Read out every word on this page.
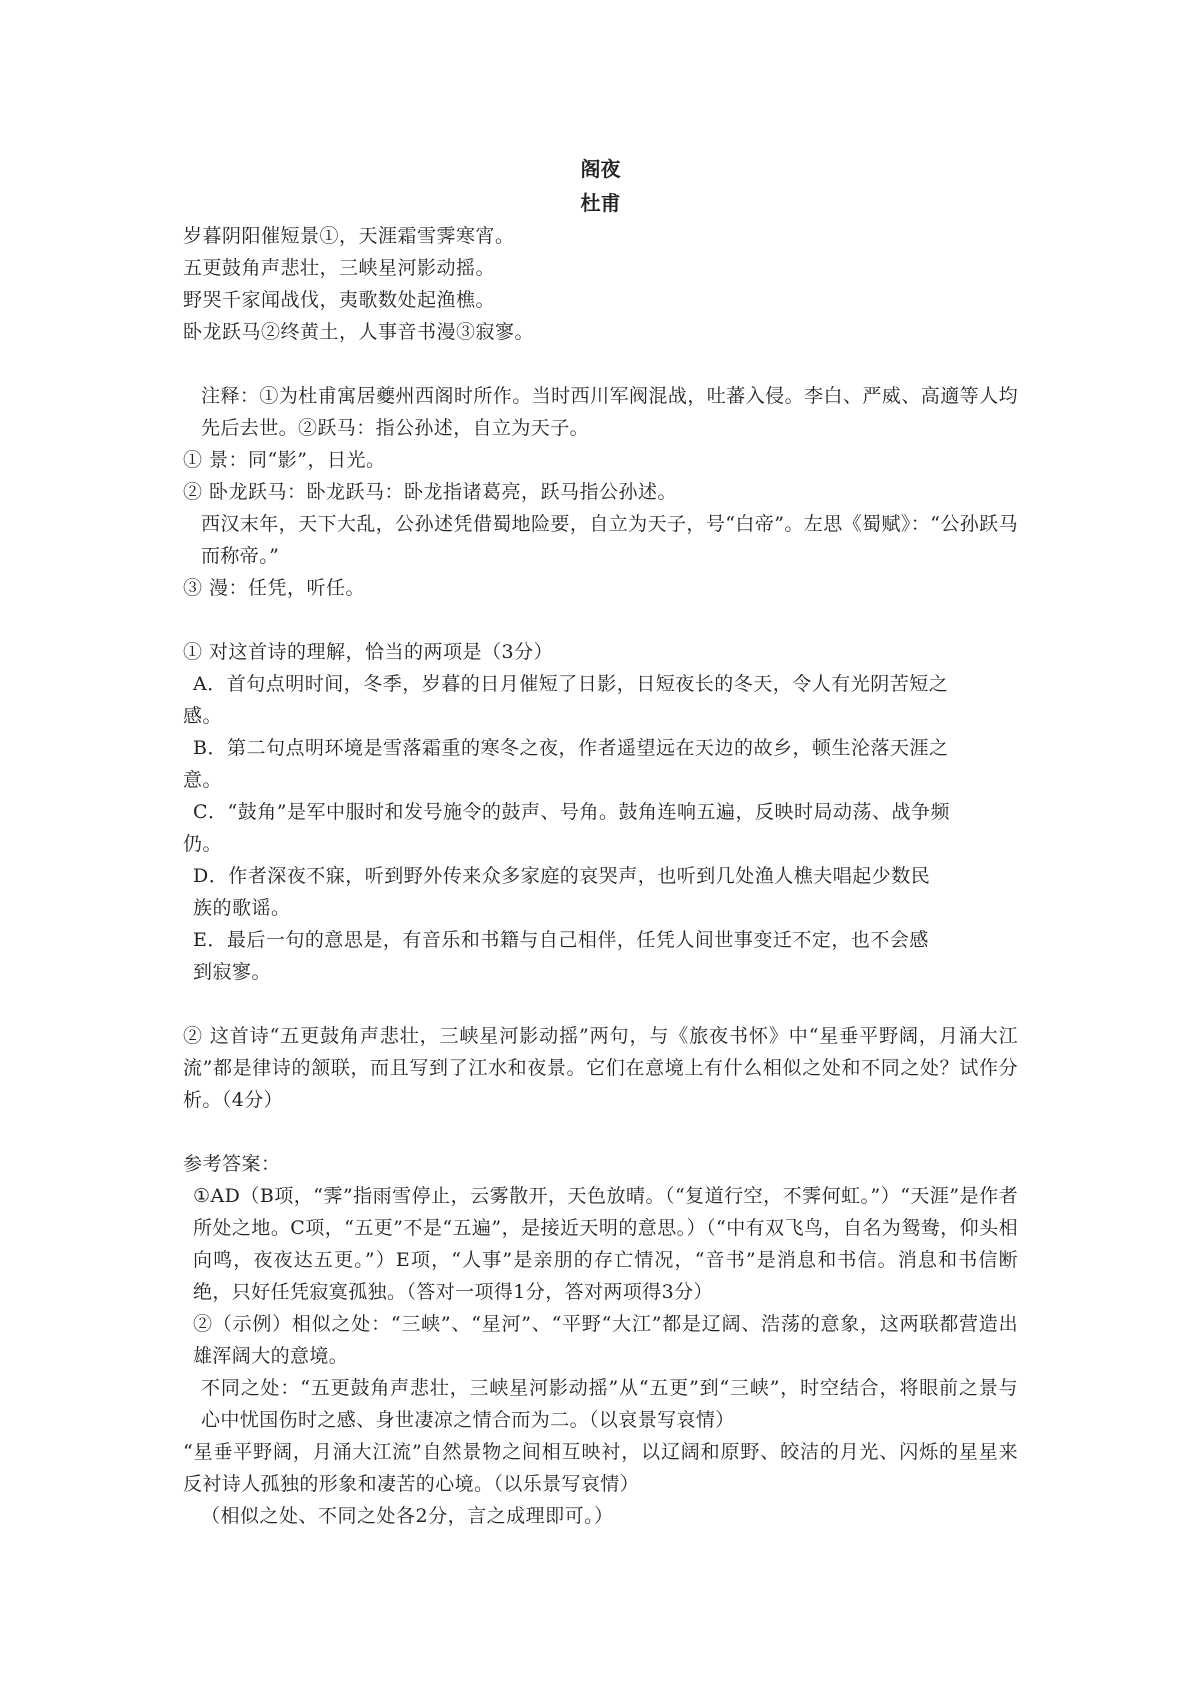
阁夜

杜甫

岁暮阴阳催短景①，天涯霜雪霁寒宵。

五更鼓角声悲壮，三峡星河影动摇。

野哭千家闻战伐，夷歌数处起渔樵。

卧龙跃马②终黄土，人事音书漫③寂寥。

注释：①为杜甫寓居夔州西阁时所作。当时西川军阀混战，吐蕃入侵。李白、严威、高適等人均先后去世。②跃马：指公孙述，自立为天子。

① 景：同“影”，日光。

② 卧龙跃马：卧龙跃马：卧龙指诸葛亮，跃马指公孙述。

西汉末年，天下大乱，公孙述凭借蜀地险要，自立为天子，号“白帝”。左思《蜀赋》：“公孙跃马而称帝。”

③ 漫：任凭，听任。

① 对这首诗的理解，恰当的两项是（3分）

A．首句点明时间，冬季，岁暮的日月催短了日影，日短夜长的冬天，令人有光阴苦短之

感。

B．第二句点明环境是雪落霜重的寒冬之夜，作者遥望远在天边的故乡，顿生沦落天涯之

意。

C．“鼓角”是军中服时和发号施令的鼓声、号角。鼓角连响五遍，反映时局动荡、战争频

仍。

D．作者深夜不寐，听到野外传来众多家庭的哀哭声，也听到几处渔人樵夫唱起少数民

族的歌谣。

E．最后一句的意思是，有音乐和书籍与自己相伴，任凭人间世事变迁不定，也不会感

到寂寥。

② 这首诗“五更鼓角声悲壮，三峡星河影动摇”两句，与《旅夜书怀》中“星垂平野阔，月涌大江流”都是律诗的颔联，而且写到了江水和夜景。它们在意境上有什么相似之处和不同之处？试作分析。（4分）

参考答案：

①AD（B项，“霁”指雨雪停止，云雾散开，天色放晴。（“复道行空，不霁何虹。”）“天涯”是作者所处之地。C项，“五更”不是“五遍”，是接近天明的意思。）（“中有双飞鸟，自名为鸳鸯，仰头相向鸣，夜夜达五更。”）E项，“人事”是亲朋的存亡情况，“音书”是消息和书信。消息和书信断绝，只好任凭寂寞孤独。（答对一项得1分，答对两项得3分）

②（示例）相似之处：“三峡”、“星河”、“平野“大江”都是辽阔、浩荡的意象，这两联都营造出雄浑阔大的意境。

不同之处：“五更鼓角声悲壮，三峡星河影动摇”从“五更”到“三峡”，时空结合，将眼前之景与心中忧国伤时之感、身世凄凉之情合而为二。（以哀景写哀情）

“星垂平野阔，月涌大江流”自然景物之间相互映衬，以辽阔和原野、皎洁的月光、闪烁的星星来反衬诗人孤独的形象和凄苦的心境。（以乐景写哀情）

（相似之处、不同之处各2分，言之成理即可。）
